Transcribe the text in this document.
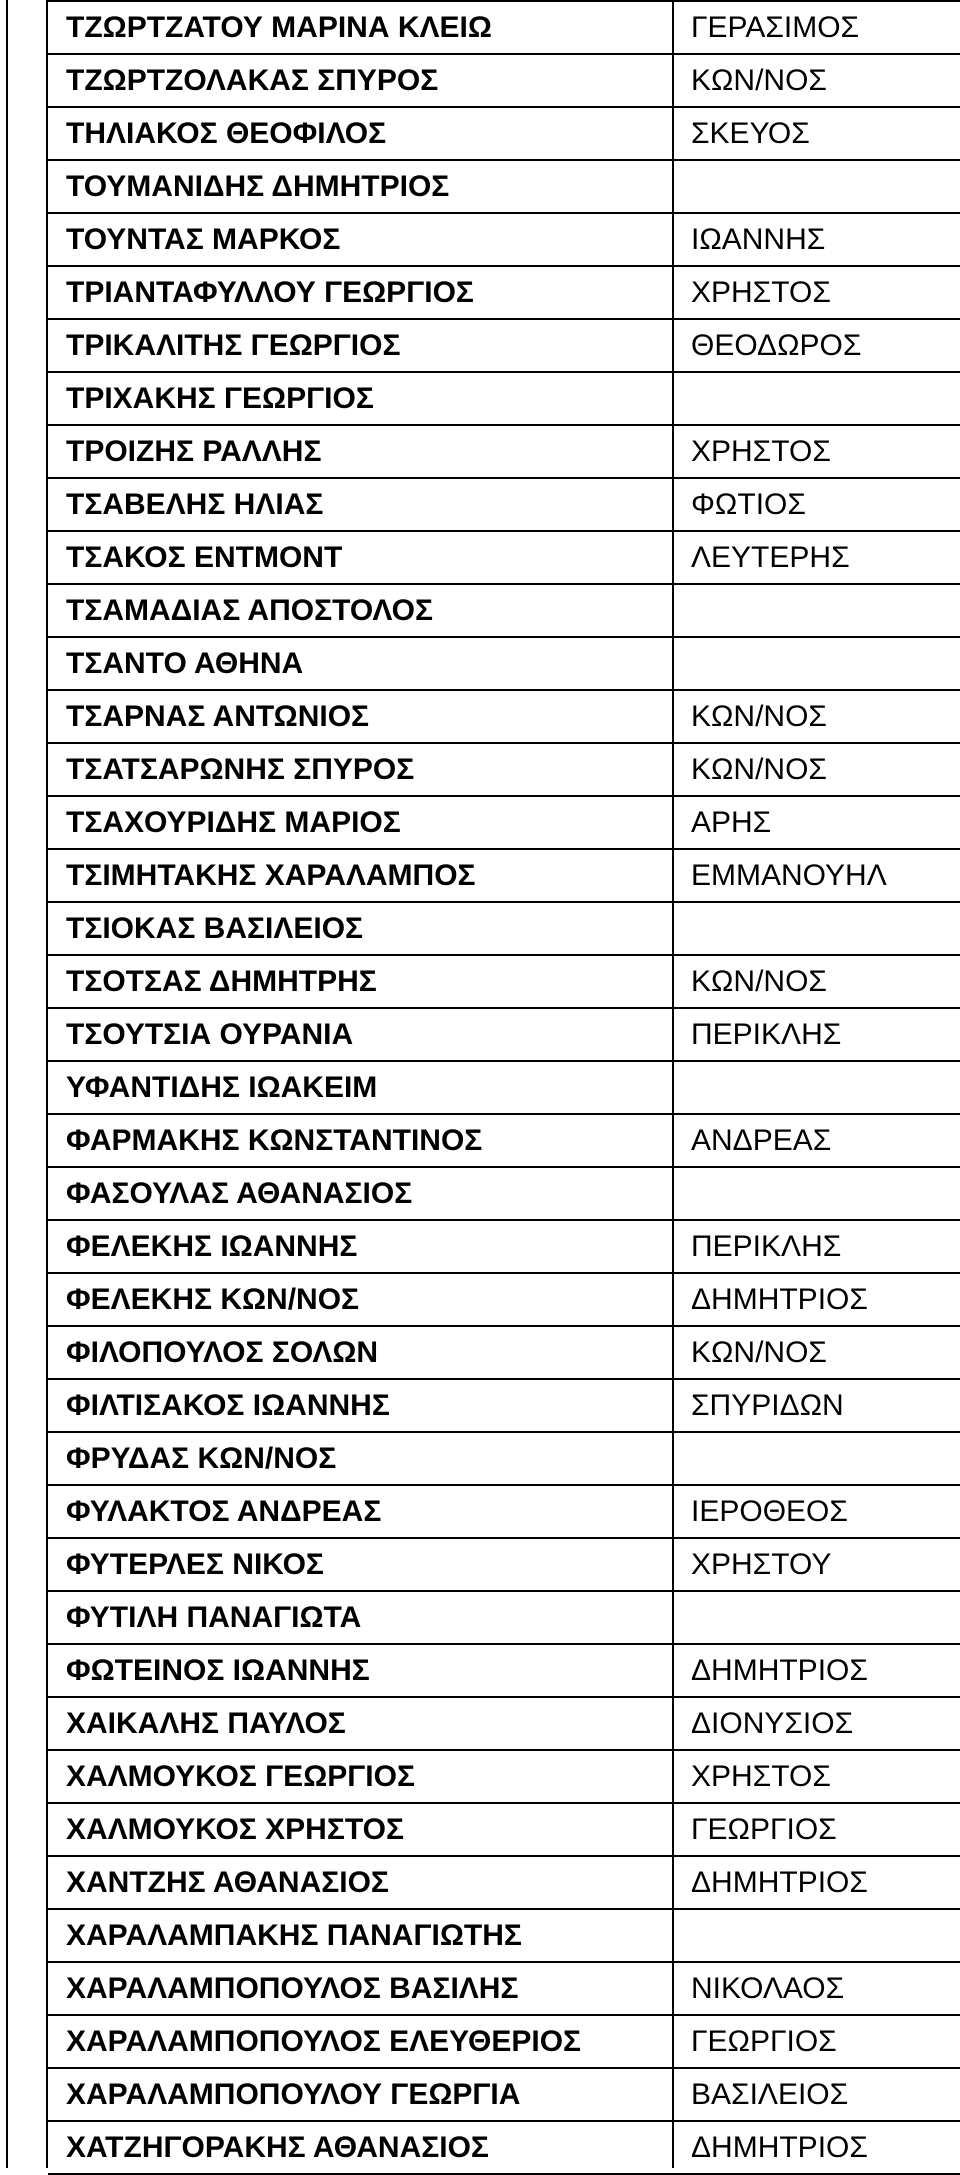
ΤΖΩΡΤΖΑΤΟΥ ΜΑΡΙΝΑ ΚΛΕΙΩ	ΓΕΡΑΣΙΜΟΣ
ΤΖΩΡΤΖΟΛΑΚΑΣ ΣΠΥΡΟΣ	ΚΩΝ/ΝΟΣ
ΤΗΛΙΑΚΟΣ ΘΕΟΦΙΛΟΣ	ΣΚΕΥΟΣ
ΤΟΥΜΑΝΙΔΗΣ ΔΗΜΗΤΡΙΟΣ
ΤΟΥΝΤΑΣ ΜΑΡΚΟΣ	ΙΩΑΝΝΗΣ
ΤΡΙΑΝΤΑΦΥΛΛΟΥ ΓΕΩΡΓΙΟΣ	ΧΡΗΣΤΟΣ
ΤΡΙΚΑΛΙΤΗΣ ΓΕΩΡΓΙΟΣ	ΘΕΟΔΩΡΟΣ
ΤΡΙΧΑΚΗΣ ΓΕΩΡΓΙΟΣ
ΤΡΟΙΖΗΣ ΡΑΛΛΗΣ	ΧΡΗΣΤΟΣ
ΤΣΑΒΕΛΗΣ ΗΛΙΑΣ	ΦΩΤΙΟΣ
ΤΣΑΚΟΣ ΕΝΤΜΟΝΤ	ΛΕΥΤΕΡΗΣ
ΤΣΑΜΑΔΙΑΣ ΑΠΟΣΤΟΛΟΣ
ΤΣΑΝΤΟ ΑΘΗΝΑ
ΤΣΑΡΝΑΣ ΑΝΤΩΝΙΟΣ	ΚΩΝ/ΝΟΣ
ΤΣΑΤΣΑΡΩΝΗΣ ΣΠΥΡΟΣ	ΚΩΝ/ΝΟΣ
ΤΣΑΧΟΥΡΙΔΗΣ ΜΑΡΙΟΣ	ΑΡΗΣ
ΤΣΙΜΗΤΑΚΗΣ ΧΑΡΑΛΑΜΠΟΣ	ΕΜΜΑΝΟΥΗΛ
ΤΣΙΟΚΑΣ ΒΑΣΙΛΕΙΟΣ
ΤΣΟΤΣΑΣ ΔΗΜΗΤΡΗΣ	ΚΩΝ/ΝΟΣ
ΤΣΟΥΤΣΙΑ ΟΥΡΑΝΙΑ	ΠΕΡΙΚΛΗΣ
ΥΦΑΝΤΙΔΗΣ ΙΩΑΚΕΙΜ
ΦΑΡΜΑΚΗΣ ΚΩΝΣΤΑΝΤΙΝΟΣ	ΑΝΔΡΕΑΣ
ΦΑΣΟΥΛΑΣ ΑΘΑΝΑΣΙΟΣ
ΦΕΛΕΚΗΣ ΙΩΑΝΝΗΣ	ΠΕΡΙΚΛΗΣ
ΦΕΛΕΚΗΣ ΚΩΝ/ΝΟΣ	ΔΗΜΗΤΡΙΟΣ
ΦΙΛΟΠΟΥΛΟΣ ΣΟΛΩΝ	ΚΩΝ/ΝΟΣ
ΦΙΛΤΙΣΑΚΟΣ ΙΩΑΝΝΗΣ	ΣΠΥΡΙΔΩΝ
ΦΡΥΔΑΣ ΚΩΝ/ΝΟΣ
ΦΥΛΑΚΤΟΣ ΑΝΔΡΕΑΣ	ΙΕΡΟΘΕΟΣ
ΦΥΤΕΡΛΕΣ ΝΙΚΟΣ	ΧΡΗΣΤΟΥ
ΦΥΤΙΛΗ ΠΑΝΑΓΙΩΤΑ
ΦΩΤΕΙΝΟΣ ΙΩΑΝΝΗΣ	ΔΗΜΗΤΡΙΟΣ
ΧΑΙΚΑΛΗΣ ΠΑΥΛΟΣ	ΔΙΟΝΥΣΙΟΣ
ΧΑΛΜΟΥΚΟΣ ΓΕΩΡΓΙΟΣ	ΧΡΗΣΤΟΣ
ΧΑΛΜΟΥΚΟΣ ΧΡΗΣΤΟΣ	ΓΕΩΡΓΙΟΣ
ΧΑΝΤΖΗΣ ΑΘΑΝΑΣΙΟΣ	ΔΗΜΗΤΡΙΟΣ
ΧΑΡΑΛΑΜΠΑΚΗΣ ΠΑΝΑΓΙΩΤΗΣ
ΧΑΡΑΛΑΜΠΟΠΟΥΛΟΣ ΒΑΣΙΛΗΣ	ΝΙΚΟΛΑΟΣ
ΧΑΡΑΛΑΜΠΟΠΟΥΛΟΣ ΕΛΕΥΘΕΡΙΟΣ	ΓΕΩΡΓΙΟΣ
ΧΑΡΑΛΑΜΠΟΠΟΥΛΟΥ ΓΕΩΡΓΙΑ	ΒΑΣΙΛΕΙΟΣ
ΧΑΤΖΗΓΟΡΑΚΗΣ ΑΘΑΝΑΣΙΟΣ	ΔΗΜΗΤΡΙΟΣ
